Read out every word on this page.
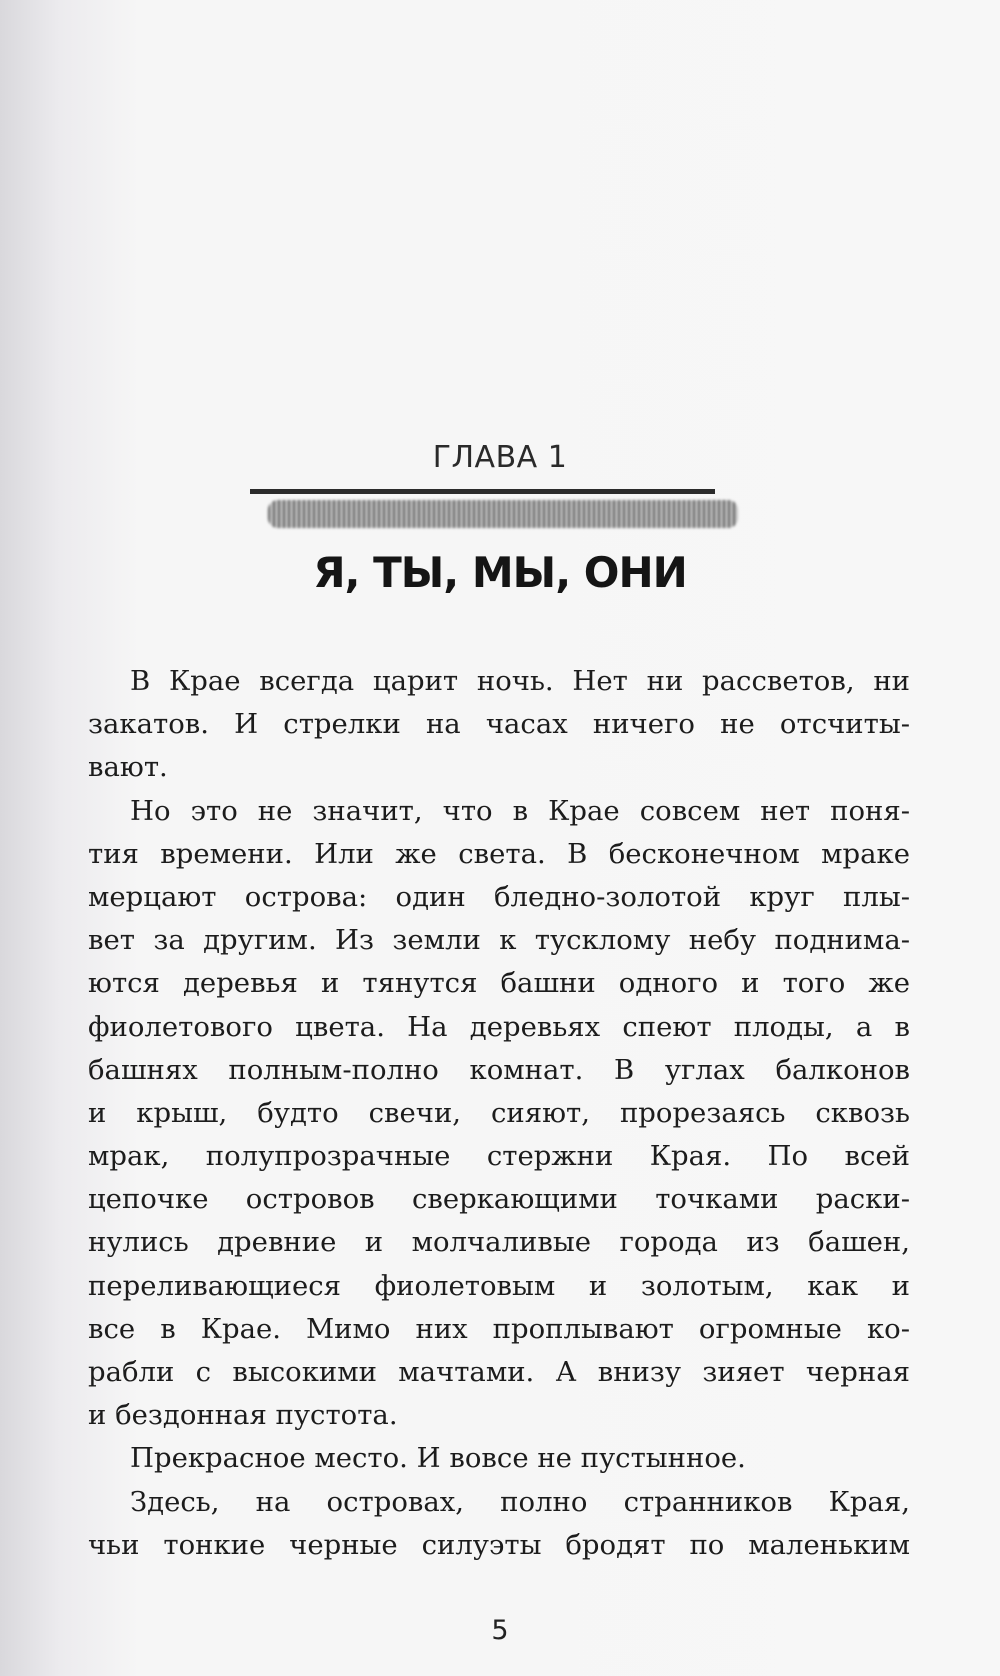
ГЛАВА 1
Я, ТЫ, МЫ, ОНИ
В Крае всегда царит ночь. Нет ни рассветов, ни
закатов. И стрелки на часах ничего не отсчиты-
вают.
Но это не значит, что в Крае совсем нет поня-
тия времени. Или же света. В бесконечном мраке
мерцают острова: один бледно-золотой круг плы-
вет за другим. Из земли к тусклому небу поднима-
ются деревья и тянутся башни одного и того же
фиолетового цвета. На деревьях спеют плоды, а в
башнях полным-полно комнат. В углах балконов
и крыш, будто свечи, сияют, прорезаясь сквозь
мрак, полупрозрачные стержни Края. По всей
цепочке островов сверкающими точками раски-
нулись древние и молчаливые города из башен,
переливающиеся фиолетовым и золотым, как и
все в Крае. Мимо них проплывают огромные ко-
рабли с высокими мачтами. А внизу зияет черная
и бездонная пустота.
Прекрасное место. И вовсе не пустынное.
Здесь, на островах, полно странников Края,
чьи тонкие черные силуэты бродят по маленьким
5
